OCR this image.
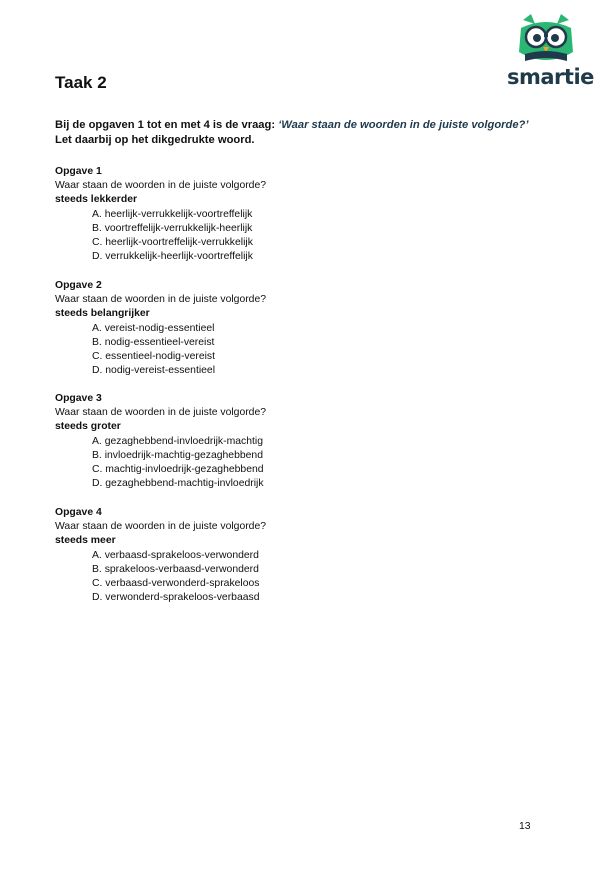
smartie
Taak 2
Bij de opgaven 1 tot en met 4 is de vraag: ‘Waar staan de woorden in de juiste volgorde?’
Let daarbij op het dikgedrukte woord.
Opgave 1
Waar staan de woorden in de juiste volgorde?
steeds lekkerder
A. heerlijk-verrukkelijk-voortreffelijk
B. voortreffelijk-verrukkelijk-heerlijk
C. heerlijk-voortreffelijk-verrukkelijk
D. verrukkelijk-heerlijk-voortreffelijk
Opgave 2
Waar staan de woorden in de juiste volgorde?
steeds belangrijker
A. vereist-nodig-essentieel
B. nodig-essentieel-vereist
C. essentieel-nodig-vereist
D. nodig-vereist-essentieel
Opgave 3
Waar staan de woorden in de juiste volgorde?
steeds groter
A. gezaghebbend-invloedrijk-machtig
B. invloedrijk-machtig-gezaghebbend
C. machtig-invloedrijk-gezaghebbend
D. gezaghebbend-machtig-invloedrijk
Opgave 4
Waar staan de woorden in de juiste volgorde?
steeds meer
A. verbaasd-sprakeloos-verwonderd
B. sprakeloos-verbaasd-verwonderd
C. verbaasd-verwonderd-sprakeloos
D. verwonderd-sprakeloos-verbaasd
13
